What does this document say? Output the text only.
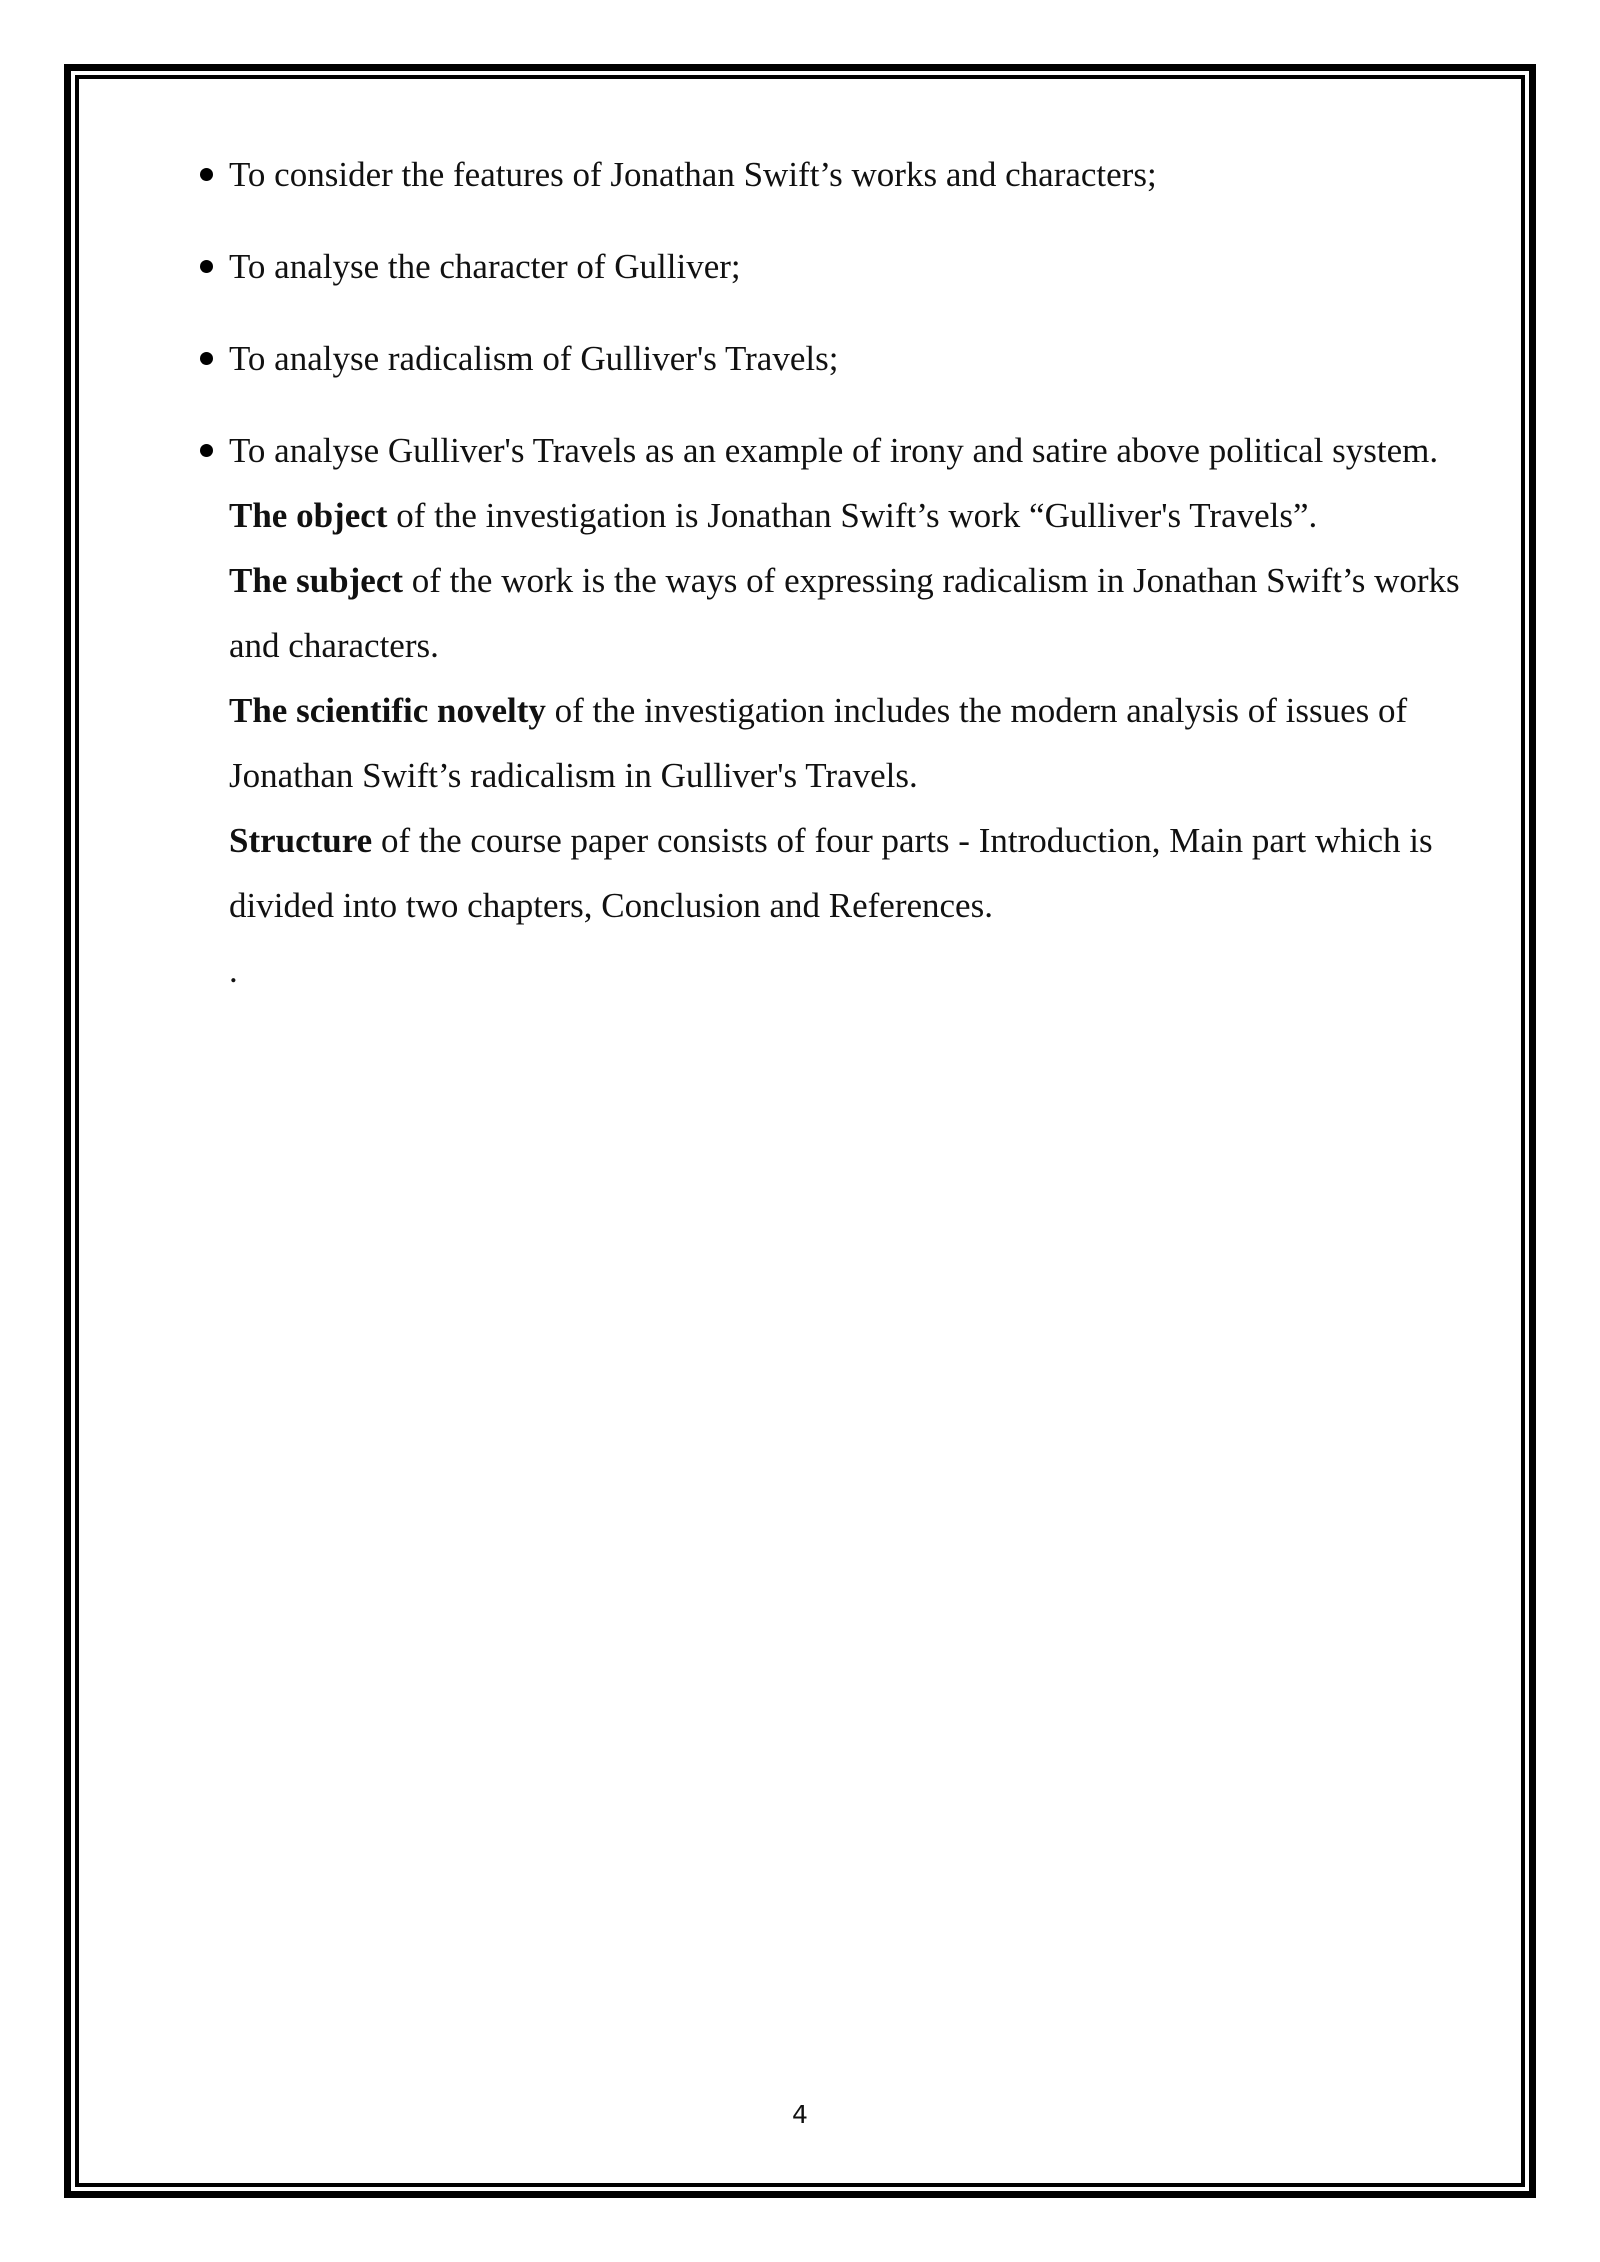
To consider the features of Jonathan Swift’s works and characters;
To analyse the character of Gulliver;
To analyse radicalism of Gulliver's Travels;
To analyse Gulliver's Travels as an example of irony and satire above political system.

The object of the investigation is Jonathan Swift’s work “Gulliver's Travels”.

The subject of the work is the ways of expressing radicalism in Jonathan Swift’s works and characters.

The scientific novelty of the investigation includes the modern analysis of issues of Jonathan Swift’s radicalism in Gulliver's Travels.

Structure of the course paper consists of four parts - Introduction, Main part which is divided into two chapters, Conclusion and References.

.

4
